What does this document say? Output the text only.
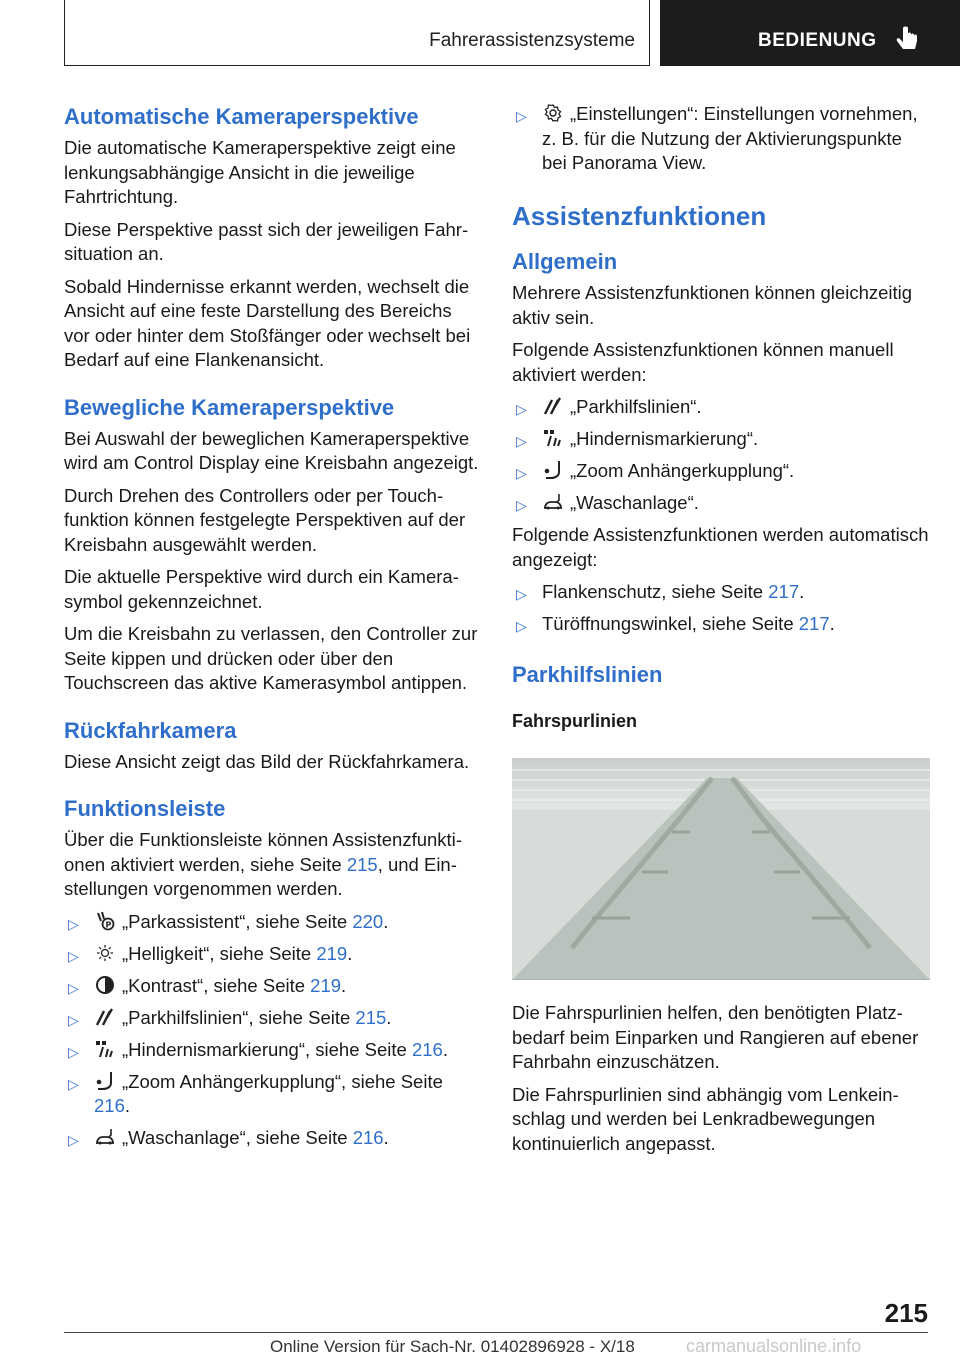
Fahrerassistenzsysteme	BEDIENUNG
Automatische Kameraperspektive

Die automatische Kameraperspektive zeigt eine lenkungsabhängige Ansicht in die jeweilige Fahrtrichtung.

Diese Perspektive passt sich der jeweiligen Fahrsituation an.

Sobald Hindernisse erkannt werden, wechselt die Ansicht auf eine feste Darstellung des Bereichs vor oder hinter dem Stoßfänger oder wechselt bei Bedarf auf eine Flankenansicht.

Bewegliche Kameraperspektive

Bei Auswahl der beweglichen Kameraperspektive wird am Control Display eine Kreisbahn angezeigt.

Durch Drehen des Controllers oder per Touchfunktion können festgelegte Perspektiven auf der Kreisbahn ausgewählt werden.

Die aktuelle Perspektive wird durch ein Kamerasymbol gekennzeichnet.

Um die Kreisbahn zu verlassen, den Controller zur Seite kippen und drücken oder über den Touchscreen das aktive Kamerasymbol antippen.

Rückfahrkamera

Diese Ansicht zeigt das Bild der Rückfahrkamera.

Funktionsleiste

Über die Funktionsleiste können Assistenzfunktionen aktiviert werden, siehe Seite 215, und Einstellungen vorgenommen werden.

▷	P „Parkassistent“, siehe Seite 220.
▷ „Helligkeit“, siehe Seite 219.
▷ „Kontrast“, siehe Seite 219.
▷ „Parkhilfslinien“, siehe Seite 215.
▷ „Hindernismarkierung“, siehe Seite 216.
▷ „Zoom Anhängerkupplung“, siehe Seite 216.
▷ „Waschanlage“, siehe Seite 216.
▷ „Einstellungen“: Einstellungen vornehmen, z. B. für die Nutzung der Aktivierungspunkte bei Panorama View.
Assistenzfunktionen
Allgemein

Mehrere Assistenzfunktionen können gleichzeitig aktiv sein.

Folgende Assistenzfunktionen können manuell aktiviert werden:

▷ „Parkhilfslinien“.
▷ „Hindernismarkierung“.
▷ „Zoom Anhängerkupplung“.
▷ „Waschanlage“.

Folgende Assistenzfunktionen werden automatisch angezeigt:

▷ Flankenschutz, siehe Seite 217.
▷ Türöffnungswinkel, siehe Seite 217.
Parkhilfslinien
Fahrspurlinien

Die Fahrspurlinien helfen, den benötigten Platzbedarf beim Einparken und Rangieren auf ebener Fahrbahn einzuschätzen.

Die Fahrspurlinien sind abhängig vom Lenkeinschlag und werden bei Lenkradbewegungen kontinuierlich angepasst.

215
Online Version für Sach-Nr. 01402896928 - X/18	carmanualsonline.info
